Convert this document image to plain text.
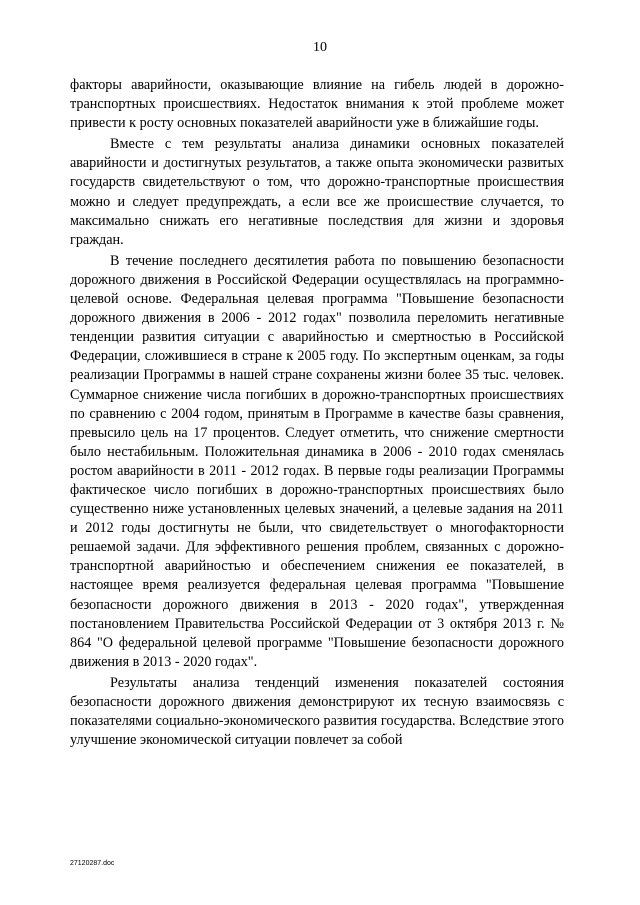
10

факторы аварийности, оказывающие влияние на гибель людей в дорожно-транспортных происшествиях. Недостаток внимания к этой проблеме может привести к росту основных показателей аварийности уже в ближайшие годы.

Вместе с тем результаты анализа динамики основных показателей аварийности и достигнутых результатов, а также опыта экономически развитых государств свидетельствуют о том, что дорожно-транспортные происшествия можно и следует предупреждать, а если все же происшествие случается, то максимально снижать его негативные последствия для жизни и здоровья граждан.

В течение последнего десятилетия работа по повышению безопасности дорожного движения в Российской Федерации осуществлялась на программно-целевой основе. Федеральная целевая программа "Повышение безопасности дорожного движения в 2006 - 2012 годах" позволила переломить негативные тенденции развития ситуации с аварийностью и смертностью в Российской Федерации, сложившиеся в стране к 2005 году. По экспертным оценкам, за годы реализации Программы в нашей стране сохранены жизни более 35 тыс. человек. Суммарное снижение числа погибших в дорожно-транспортных происшествиях по сравнению с 2004 годом, принятым в Программе в качестве базы сравнения, превысило цель на 17 процентов. Следует отметить, что снижение смертности было нестабильным. Положительная динамика в 2006 - 2010 годах сменялась ростом аварийности в 2011 - 2012 годах. В первые годы реализации Программы фактическое число погибших в дорожно-транспортных происшествиях было существенно ниже установленных целевых значений, а целевые задания на 2011 и 2012 годы достигнуты не были, что свидетельствует о многофакторности решаемой задачи. Для эффективного решения проблем, связанных с дорожно-транспортной аварийностью и обеспечением снижения ее показателей, в настоящее время реализуется федеральная целевая программа "Повышение безопасности дорожного движения в 2013 - 2020 годах", утвержденная постановлением Правительства Российской Федерации от 3 октября 2013 г. № 864 "О федеральной целевой программе "Повышение безопасности дорожного движения в 2013 - 2020 годах".

Результаты анализа тенденций изменения показателей состояния безопасности дорожного движения демонстрируют их тесную взаимосвязь с показателями социально-экономического развития государства. Вследствие этого улучшение экономической ситуации повлечет за собой

27120287.doc
